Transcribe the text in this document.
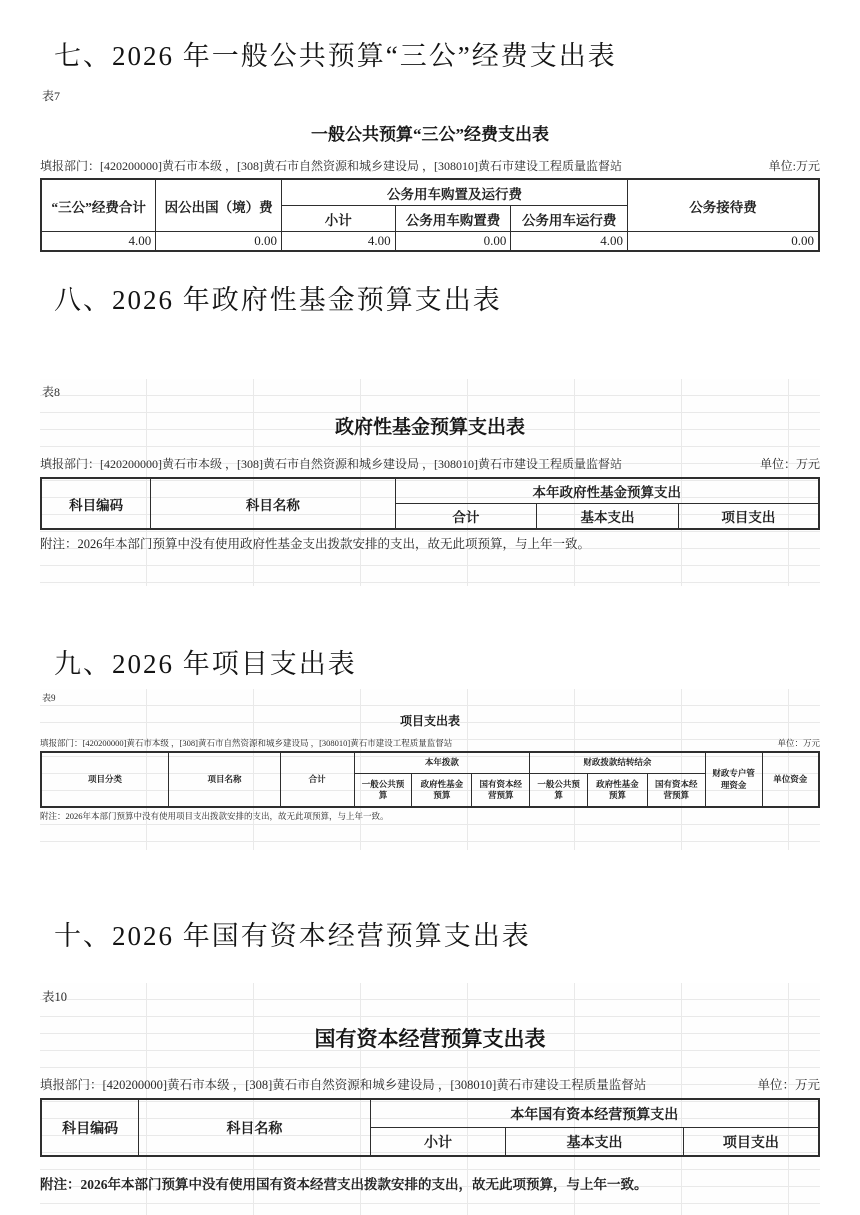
七、2026 年一般公共预算“三公”经费支出表
表7
一般公共预算“三公”经费支出表
填报部门：[420200000]黄石市本级 ，[308]黄石市自然资源和城乡建设局 ，[308010]黄石市建设工程质量监督站	单位:万元
“三公”经费合计	因公出国（境）费	公务用车购置及运行费			公务接待费
		小计	公务用车购置费	公务用车运行费	
4.00	0.00	4.00	0.00	4.00	0.00
八、2026 年政府性基金预算支出表
表8
政府性基金预算支出表
填报部门：[420200000]黄石市本级 ，[308]黄石市自然资源和城乡建设局 ，[308010]黄石市建设工程质量监督站	单位：万元
科目编码	科目名称	本年政府性基金预算支出		
		合计	基本支出	项目支出
附注：2026年本部门预算中没有使用政府性基金支出拨款安排的支出，故无此项预算，与上年一致。
九、2026 年项目支出表
表9
项目支出表
填报部门：[420200000]黄石市本级 ，[308]黄石市自然资源和城乡建设局 ，[308010]黄石市建设工程质量监督站	单位：万元
项目分类	项目名称	合计	本年拨款			财政拨款结转结余			财政专户管理资金	单位资金
			一般公共预算	政府性基金预算	国有资本经营预算	一般公共预算	政府性基金预算	国有资本经营预算		
附注：2026年本部门预算中没有使用项目支出拨款安排的支出，故无此项预算，与上年一致。
十、2026 年国有资本经营预算支出表
表10
国有资本经营预算支出表
填报部门：[420200000]黄石市本级 ，[308]黄石市自然资源和城乡建设局 ，[308010]黄石市建设工程质量监督站	单位：万元
科目编码	科目名称	本年国有资本经营预算支出		
		小计	基本支出	项目支出
附注：2026年本部门预算中没有使用国有资本经营支出拨款安排的支出，故无此项预算，与上年一致。
